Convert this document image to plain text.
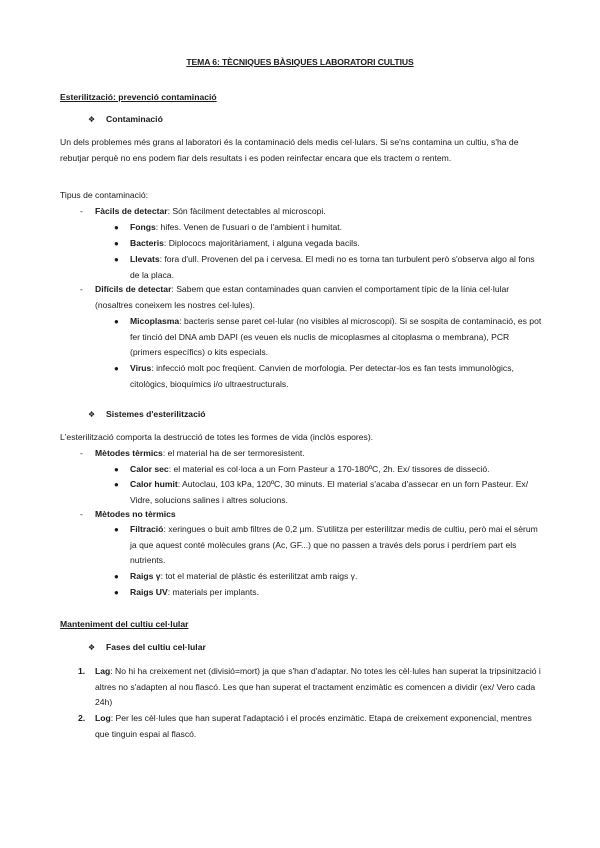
TEMA 6: TÈCNIQUES BÀSIQUES LABORATORI CULTIUS
Esterilització: prevenció contaminació
❖ Contaminació
Un dels problemes més grans al laboratori és la contaminació dels medis cel·lulars. Si se'ns contamina un cultiu, s'ha de rebutjar perquè no ens podem fiar dels resultats i es poden reinfectar encara que els tractem o rentem.
Tipus de contaminació:
- Fàcils de detectar: Són fàcilment detectables al microscopi.
● Fongs: hifes. Venen de l'usuari o de l'ambient i humitat.
● Bacteris: Diplococs majoritàriament, i alguna vegada bacils.
● Llevats: fora d'ull. Provenen del pa i cervesa. El medi no es torna tan turbulent però s'observa algo al fons de la placa.
- Difícils de detectar: Sabem que estan contaminades quan canvien el comportament típic de la línia cel·lular (nosaltres coneixem les nostres cel·lules).
● Micoplasma: bacteris sense paret cel·lular (no visibles al microscopi). Si se sospita de contaminació, es pot fer tinció del DNA amb DAPI (es veuen els nuclis de micoplasmes al citoplasma o membrana), PCR (primers específics) o kits especials.
● Virus: infecció molt poc freqüent. Canvien de morfologia. Per detectar-los es fan tests immunològics, citològics, bioquímics i/o ultraestructurals.
❖ Sistemes d'esterilització
L'esterilització comporta la destrucció de totes les formes de vida (inclòs espores).
- Mètodes tèrmics: el material ha de ser termoresistent.
● Calor sec: el material es col·loca a un Forn Pasteur a 170-180ºC, 2h. Ex/ tissores de disseció.
● Calor humit: Autoclau, 103 kPa, 120ºC, 30 minuts. El material s'acaba d'assecar en un forn Pasteur. Ex/ Vidre, solucions salines i altres solucions.
- Mètodes no tèrmics
● Filtració: xeringues o buit amb filtres de 0,2 µm. S'utilitza per esterilitzar medis de cultiu, però mai el sèrum ja que aquest conté molècules grans (Ac, GF...) que no passen a través dels porus i perdríem part els nutrients.
● Raigs γ: tot el material de plàstic és esterilitzat amb raigs γ.
● Raigs UV: materials per implants.
Manteniment del cultiu cel·lular
❖ Fases del cultiu cel·lular
1. Lag: No hi ha creixement net (divisió=mort) ja que s'han d'adaptar. No totes les cèl·lules han superat la tripsinització i altres no s'adapten al nou flascó. Les que han superat el tractament enzimàtic es comencen a dividir (ex/ Vero cada 24h)
2. Log: Per les cèl·lules que han superat l'adaptació i el procés enzimàtic. Etapa de creixement exponencial, mentres que tinguin espai al flascó.
